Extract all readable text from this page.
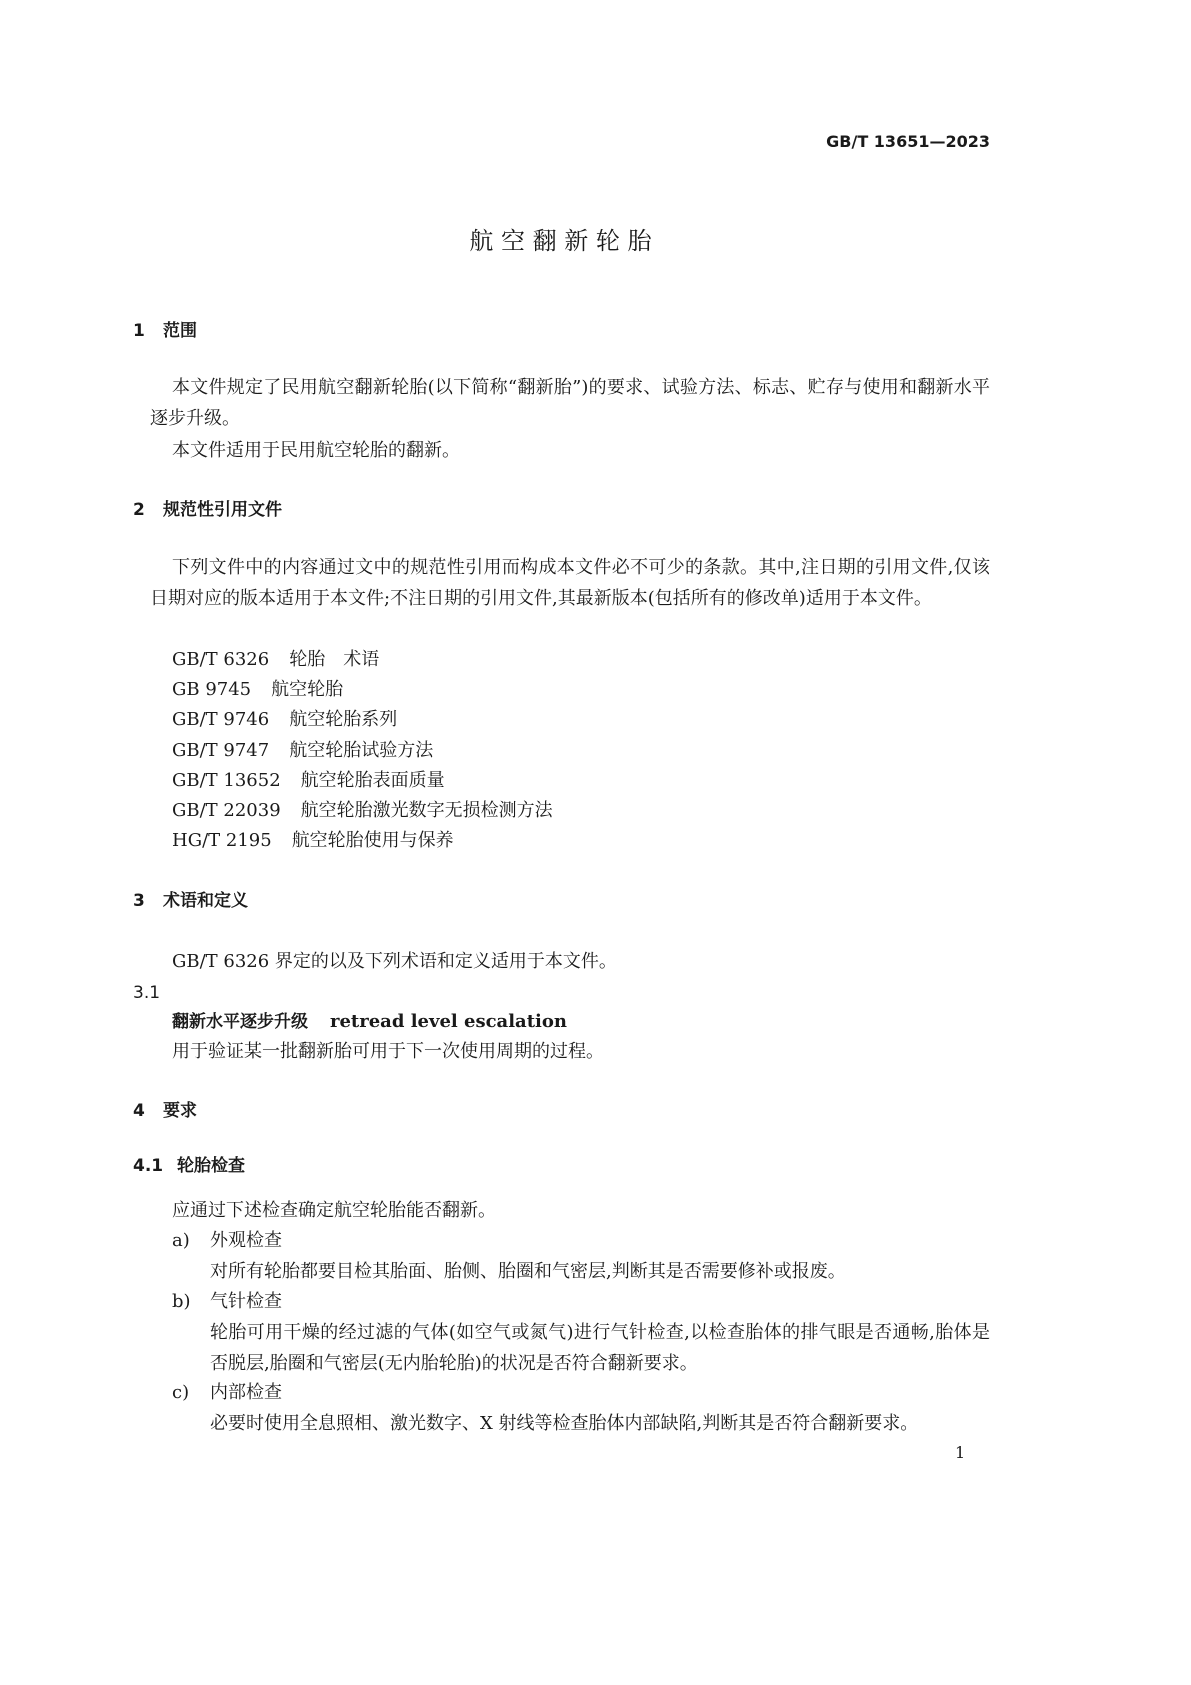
GB/T 13651—2023
航 空 翻 新 轮 胎
1 范围
本文件规定了民用航空翻新轮胎(以下简称“翻新胎”)的要求、试验方法、标志、贮存与使用和翻新水平逐步升级。
本文件适用于民用航空轮胎的翻新。
2 规范性引用文件
下列文件中的内容通过文中的规范性引用而构成本文件必不可少的条款。其中,注日期的引用文件,仅该日期对应的版本适用于本文件;不注日期的引用文件,其最新版本(包括所有的修改单)适用于本文件。
GB/T 6326 轮胎　术语
GB 9745 航空轮胎
GB/T 9746 航空轮胎系列
GB/T 9747 航空轮胎试验方法
GB/T 13652 航空轮胎表面质量
GB/T 22039 航空轮胎激光数字无损检测方法
HG/T 2195 航空轮胎使用与保养
3 术语和定义
GB/T 6326 界定的以及下列术语和定义适用于本文件。
3.1
翻新水平逐步升级 retread level escalation
用于验证某一批翻新胎可用于下一次使用周期的过程。
4 要求
4.1 轮胎检查
应通过下述检查确定航空轮胎能否翻新。
a) 外观检查
对所有轮胎都要目检其胎面、胎侧、胎圈和气密层,判断其是否需要修补或报废。
b) 气针检查
轮胎可用干燥的经过滤的气体(如空气或氮气)进行气针检查,以检查胎体的排气眼是否通畅,胎体是否脱层,胎圈和气密层(无内胎轮胎)的状况是否符合翻新要求。
c) 内部检查
必要时使用全息照相、激光数字、X 射线等检查胎体内部缺陷,判断其是否符合翻新要求。
1
